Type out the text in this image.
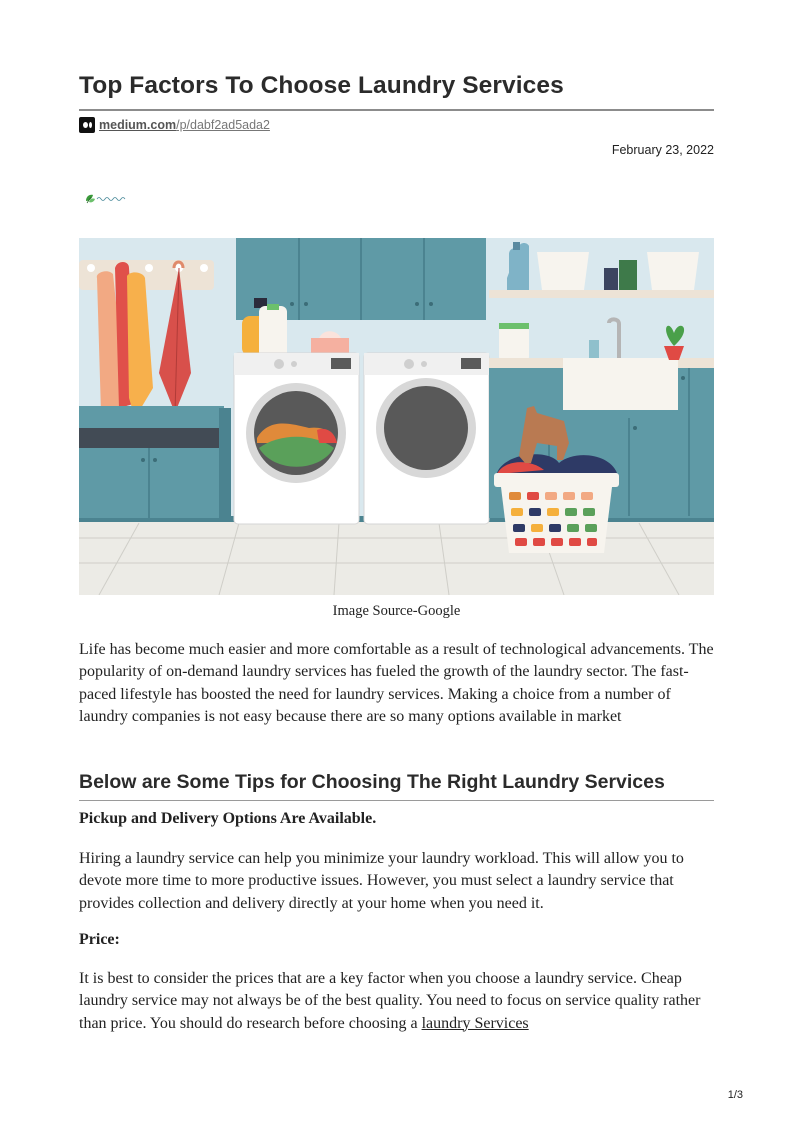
Top Factors To Choose Laundry Services
medium.com /p/dabf2ad5ada2
February 23, 2022
Image Source-Google

Life has become much easier and more comfortable as a result of technological advancements. The popularity of on-demand laundry services has fueled the growth of the laundry sector. The fast-paced lifestyle has boosted the need for laundry services. Making a choice from a number of laundry companies is not easy because there are so many options available in market

Below are Some Tips for Choosing The Right Laundry Services
Pickup and Delivery Options Are Available.

Hiring a laundry service can help you minimize your laundry workload. This will allow you to devote more time to more productive issues. However, you must select a laundry service that provides collection and delivery directly at your home when you need it.

Price:

It is best to consider the prices that are a key factor when you choose a laundry service. Cheap laundry service may not always be of the best quality. You need to focus on service quality rather than price. You should do research before choosing a laundry Services

1/3
